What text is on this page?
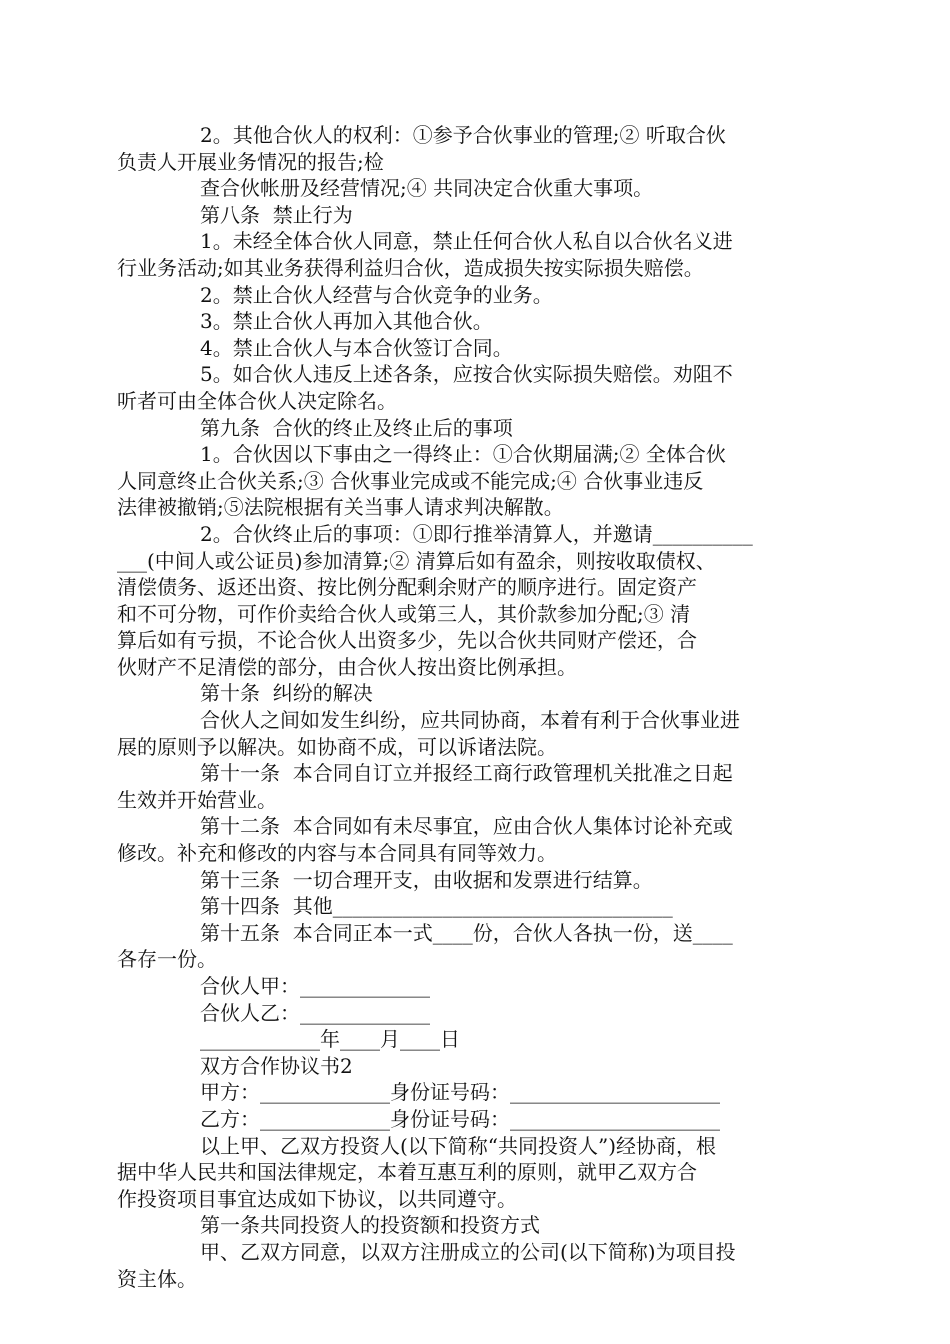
2。其他合伙人的权利：①参予合伙事业的管理;② 听取合伙
负责人开展业务情况的报告;检
查合伙帐册及经营情况;④ 共同决定合伙重大事项。
第八条  禁止行为
1。未经全体合伙人同意，禁止任何合伙人私自以合伙名义进
行业务活动;如其业务获得利益归合伙，造成损失按实际损失赔偿。
2。禁止合伙人经营与合伙竞争的业务。
3。禁止合伙人再加入其他合伙。
4。禁止合伙人与本合伙签订合同。
5。如合伙人违反上述各条，应按合伙实际损失赔偿。劝阻不
听者可由全体合伙人决定除名。
第九条  合伙的终止及终止后的事项
1。合伙因以下事由之一得终止：①合伙期届满;② 全体合伙
人同意终止合伙关系;③ 合伙事业完成或不能完成;④ 合伙事业违反
法律被撤销;⑤法院根据有关当事人请求判决解散。
2。合伙终止后的事项：①即行推举清算人，并邀请__________
___(中间人或公证员)参加清算;② 清算后如有盈余，则按收取债权、
清偿债务、返还出资、按比例分配剩余财产的顺序进行。固定资产
和不可分物，可作价卖给合伙人或第三人，其价款参加分配;③ 清
算后如有亏损，不论合伙人出资多少，先以合伙共同财产偿还，合
伙财产不足清偿的部分，由合伙人按出资比例承担。
第十条  纠纷的解决
合伙人之间如发生纠纷，应共同协商，本着有利于合伙事业进
展的原则予以解决。如协商不成，可以诉诸法院。
第十一条  本合同自订立并报经工商行政管理机关批准之日起
生效并开始营业。
第十二条  本合同如有未尽事宜，应由合伙人集体讨论补充或
修改。补充和修改的内容与本合同具有同等效力。
第十三条  一切合理开支，由收据和发票进行结算。
第十四条  其他__________________________________
第十五条  本合同正本一式____份，合伙人各执一份，送____
各存一份。
合伙人甲：_____________
合伙人乙：_____________
____________年____月____日
双方合作协议书2
甲方：_____________身份证号码：_____________________
乙方：_____________身份证号码：_____________________
以上甲、乙双方投资人(以下简称“共同投资人”)经协商，根
据中华人民共和国法律规定，本着互惠互利的原则，就甲乙双方合
作投资项目事宜达成如下协议，以共同遵守。
第一条共同投资人的投资额和投资方式
甲、乙双方同意，以双方注册成立的公司(以下简称)为项目投
资主体。
